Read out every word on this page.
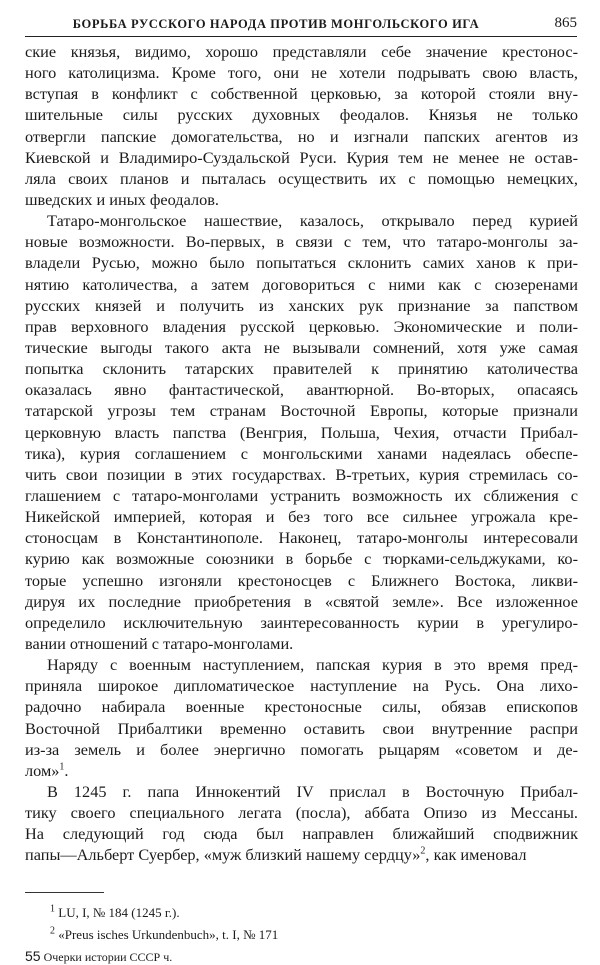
БОРЬБА РУССКОГО НАРОДА ПРОТИВ МОНГОЛЬСКОГО ИГА	865
ские князья, видимо, хорошо представляли себе значение крестонос-
ного католицизма. Кроме того, они не хотели подрывать свою власть,
вступая в конфликт с собственной церковью, за которой стояли вну-
шительные силы русских духовных феодалов. Князья не только
отвергли папские домогательства, но и изгнали папских агентов из
Киевской и Владимиро-Суздальской Руси. Курия тем не менее не остав-
ляла своих планов и пыталась осуществить их с помощью немецких,
шведских и иных феодалов.
Татаро-монгольское нашествие, казалось, открывало перед курией
новые возможности. Во-первых, в связи с тем, что татаро-монголы за-
владели Русью, можно было попытаться склонить самих ханов к при-
нятию католичества, а затем договориться с ними как с сюзеренами
русских князей и получить из ханских рук признание за папством
прав верховного владения русской церковью. Экономические и поли-
тические выгоды такого акта не вызывали сомнений, хотя уже самая
попытка склонить татарских правителей к принятию католичества
оказалась явно фантастической, авантюрной. Во-вторых, опасаясь
татарской угрозы тем странам Восточной Европы, которые признали
церковную власть папства (Венгрия, Польша, Чехия, отчасти Прибал-
тика), курия соглашением с монгольскими ханами надеялась обеспе-
чить свои позиции в этих государствах. В-третьих, курия стремилась со-
глашением с татаро-монголами устранить возможность их сближения с
Никейской империей, которая и без того все сильнее угрожала кре-
стоносцам в Константинополе. Наконец, татаро-монголы интересовали
курию как возможные союзники в борьбе с тюрками-сельджуками, ко-
торые успешно изгоняли крестоносцев с Ближнего Востока, ликви-
дируя их последние приобретения в «святой земле». Все изложенное
определило исключительную заинтересованность курии в урегулиро-
вании отношений с татаро-монголами.
Наряду с военным наступлением, папская курия в это время пред-
приняла широкое дипломатическое наступление на Русь. Она лихо-
радочно набирала военные крестоносные силы, обязав епископов
Восточной Прибалтики временно оставить свои внутренние распри
из-за земель и более энергично помогать рыцарям «советом и де-
лом»$^1$.
В 1245 г. папа Иннокентий IV прислал в Восточную Прибал-
тику своего специального легата (посла), аббата Опизо из Мессаны.
На следующий год сюда был направлен ближайший сподвижник
папы—Альберт Суербер, «муж близкий нашему сердцу»$^2$, как именовал
$^1$ LU, I, № 184 (1245 г.).
$^2$ «Preus isches Urkundenbuch», t. I, № 171
55 Очерки истории СССР ч.
